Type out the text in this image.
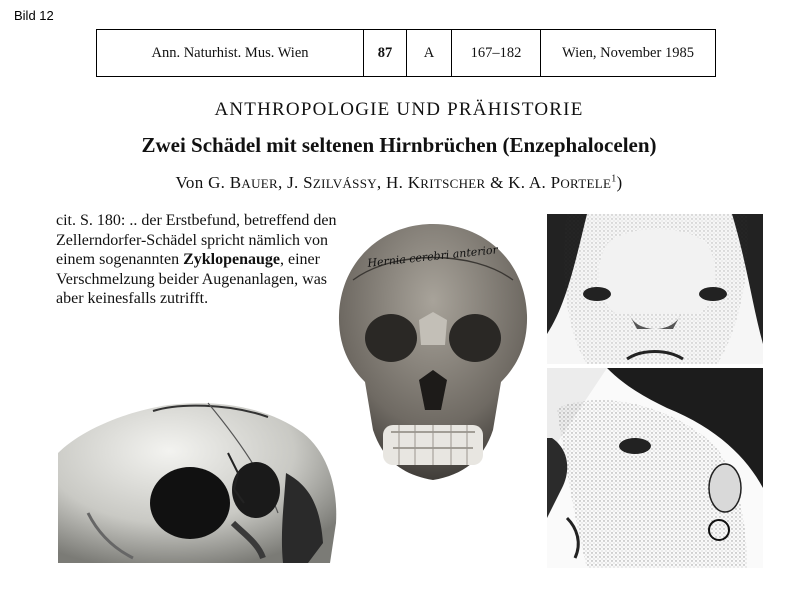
Bild 12
Ann. Naturhist. Mus. Wien	87	A	167–182	Wien, November 1985
ANTHROPOLOGIE UND PRÄHISTORIE
Zwei Schädel mit seltenen Hirnbrüchen (Enzephalocelen)
Von G. BAUER, J. SZILVÁSSY, H. KRITSCHER & K. A. PORTELE$^1$)
cit. S. 180: .. der Erstbefund, betreffend den Zellerndorfer-Schädel spricht nämlich von einem sogenannten Zyklopenauge, einer Verschmelzung beider Augenanlagen, was aber keinesfalls zutrifft.
Hernia cerebri anterior
